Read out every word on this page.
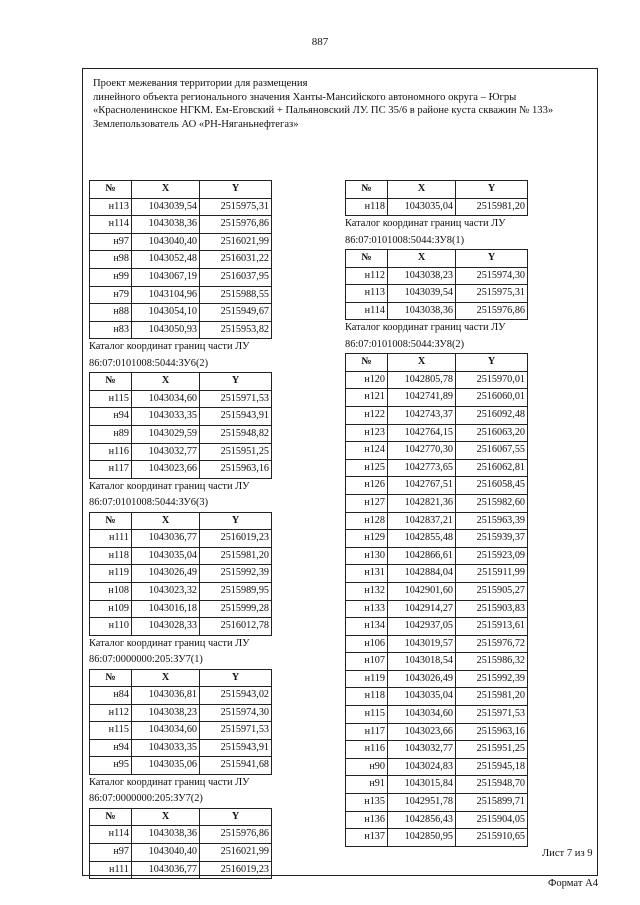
887
Проект межевания территории для размещения
линейного объекта регионального значения Ханты-Мансийского автономного округа – Югры
«Красноленинское НГКМ. Ем-Еговский + Пальяновский ЛУ. ПС 35/6 в районе куста скважин № 133»
Землепользователь АО «РН-Няганьнефтегаз»
№	X	Y
н113	1043039,54	2515975,31
н114	1043038,36	2515976,86
н97	1043040,40	2516021,99
н98	1043052,48	2516031,22
н99	1043067,19	2516037,95
н79	1043104,96	2515988,55
н88	1043054,10	2515949,67
н83	1043050,93	2515953,82
Каталог координат границ части ЛУ
86:07:0101008:5044:ЗУ6(2)
№	X	Y
н115	1043034,60	2515971,53
н94	1043033,35	2515943,91
н89	1043029,59	2515948,82
н116	1043032,77	2515951,25
н117	1043023,66	2515963,16
Каталог координат границ части ЛУ
86:07:0101008:5044:ЗУ6(3)
№	X	Y
н111	1043036,77	2516019,23
н118	1043035,04	2515981,20
н119	1043026,49	2515992,39
н108	1043023,32	2515989,95
н109	1043016,18	2515999,28
н110	1043028,33	2516012,78
Каталог координат границ части ЛУ
86:07:0000000:205:ЗУ7(1)
№	X	Y
н84	1043036,81	2515943,02
н112	1043038,23	2515974,30
н115	1043034,60	2515971,53
н94	1043033,35	2515943,91
н95	1043035,06	2515941,68
Каталог координат границ части ЛУ
86:07:0000000:205:ЗУ7(2)
№	X	Y
н114	1043038,36	2515976,86
н97	1043040,40	2516021,99
н111	1043036,77	2516019,23
№	X	Y
н118	1043035,04	2515981,20
Каталог координат границ части ЛУ
86:07:0101008:5044:ЗУ8(1)
№	X	Y
н112	1043038,23	2515974,30
н113	1043039,54	2515975,31
н114	1043038,36	2515976,86
Каталог координат границ части ЛУ
86:07:0101008:5044:ЗУ8(2)
№	X	Y
н120	1042805,78	2515970,01
н121	1042741,89	2516060,01
н122	1042743,37	2516092,48
н123	1042764,15	2516063,20
н124	1042770,30	2516067,55
н125	1042773,65	2516062,81
н126	1042767,51	2516058,45
н127	1042821,36	2515982,60
н128	1042837,21	2515963,39
н129	1042855,48	2515939,37
н130	1042866,61	2515923,09
н131	1042884,04	2515911,99
н132	1042901,60	2515905,27
н133	1042914,27	2515903,83
н134	1042937,05	2515913,61
н106	1043019,57	2515976,72
н107	1043018,54	2515986,32
н119	1043026,49	2515992,39
н118	1043035,04	2515981,20
н115	1043034,60	2515971,53
н117	1043023,66	2515963,16
н116	1043032,77	2515951,25
н90	1043024,83	2515945,18
н91	1043015,84	2515948,70
н135	1042951,78	2515899,71
н136	1042856,43	2515904,05
н137	1042850,95	2515910,65
Лист 7 из 9
Формат А4
